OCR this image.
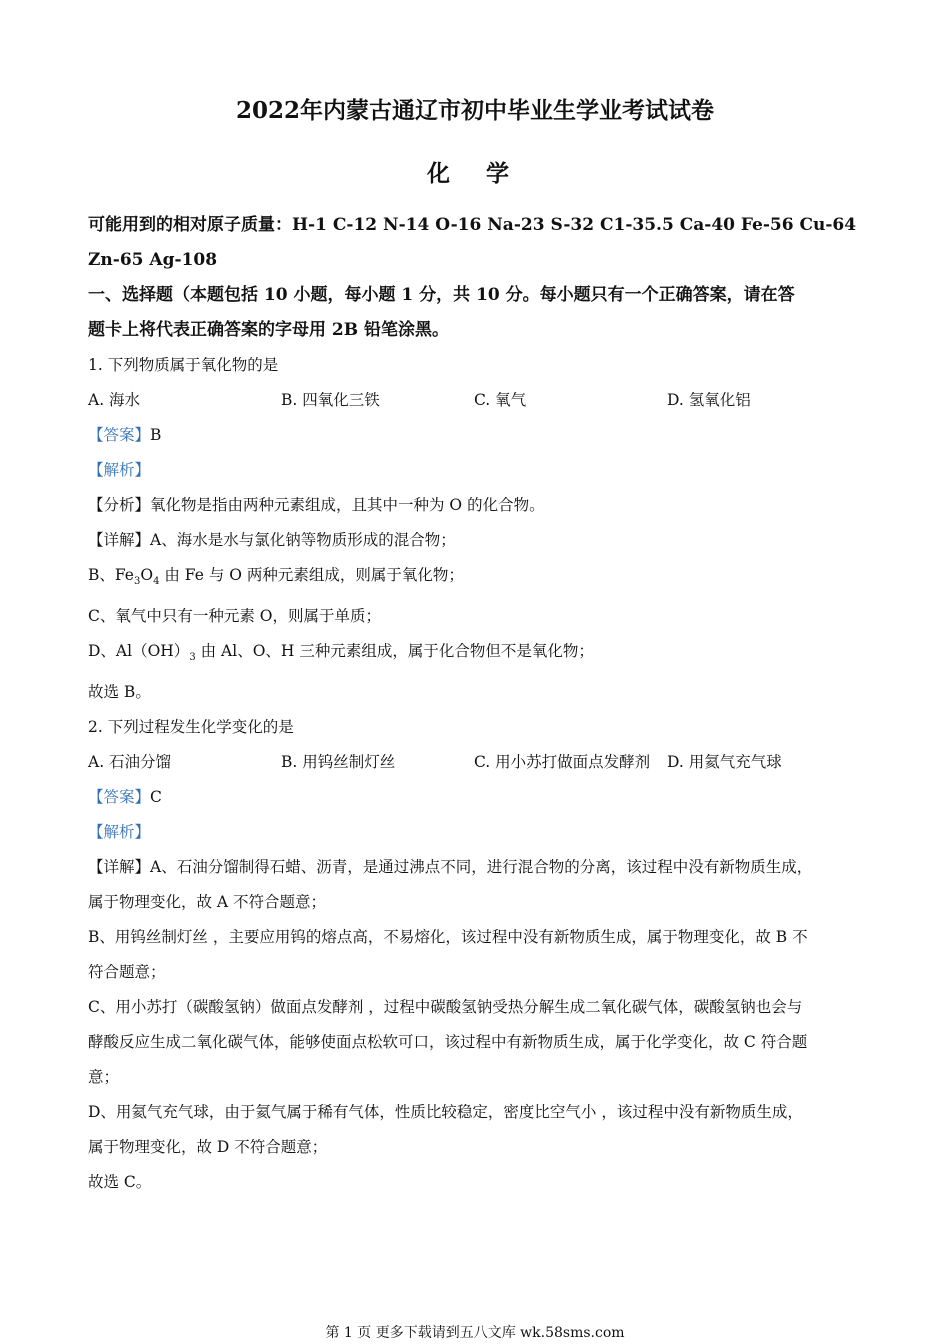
2022年内蒙古通辽市初中毕业生学业考试试卷
化 学

可能用到的相对原子质量：H-1 C-12 N-14 O-16 Na-23 S-32 C1-35.5 Ca-40 Fe-56 Cu-64

Zn-65 Ag-108

一、选择题（本题包括 10 小题，每小题 1 分，共 10 分。每小题只有一个正确答案，请在答

题卡上将代表正确答案的字母用 2B 铅笔涂黑。

1. 下列物质属于氧化物的是

A. 海水	B. 四氧化三铁	C. 氧气	D. 氢氧化铝

【答案】B

【解析】

【分析】氧化物是指由两种元素组成，且其中一种为 O 的化合物。

【详解】A、海水是水与氯化钠等物质形成的混合物；

B、$Fe_3O_4$ 由 Fe 与 O 两种元素组成，则属于氧化物；

C、氧气中只有一种元素 O，则属于单质；

D、$Al(OH)_3$ 由 Al、O、H 三种元素组成，属于化合物但不是氧化物；

故选 B。

2. 下列过程发生化学变化的是

A. 石油分馏	B. 用钨丝制灯丝	C. 用小苏打做面点发酵剂	D. 用氦气充气球

【答案】C

【解析】

【详解】A、石油分馏制得石蜡、沥青，是通过沸点不同，进行混合物的分离，该过程中没有新物质生成，

属于物理变化，故 A 不符合题意；

B、用钨丝制灯丝 ，主要应用钨的熔点高，不易熔化，该过程中没有新物质生成，属于物理变化，故 B 不

符合题意；

C、用小苏打（碳酸氢钠）做面点发酵剂 ，过程中碳酸氢钠受热分解生成二氧化碳气体，碳酸氢钠也会与

酵酸反应生成二氧化碳气体，能够使面点松软可口，该过程中有新物质生成，属于化学变化，故 C 符合题

意；

D、用氦气充气球，由于氦气属于稀有气体，性质比较稳定，密度比空气小 ，该过程中没有新物质生成，

属于物理变化，故 D 不符合题意；

故选 C。

第 1 页 更多下载请到五八文库 wk.58sms.com
